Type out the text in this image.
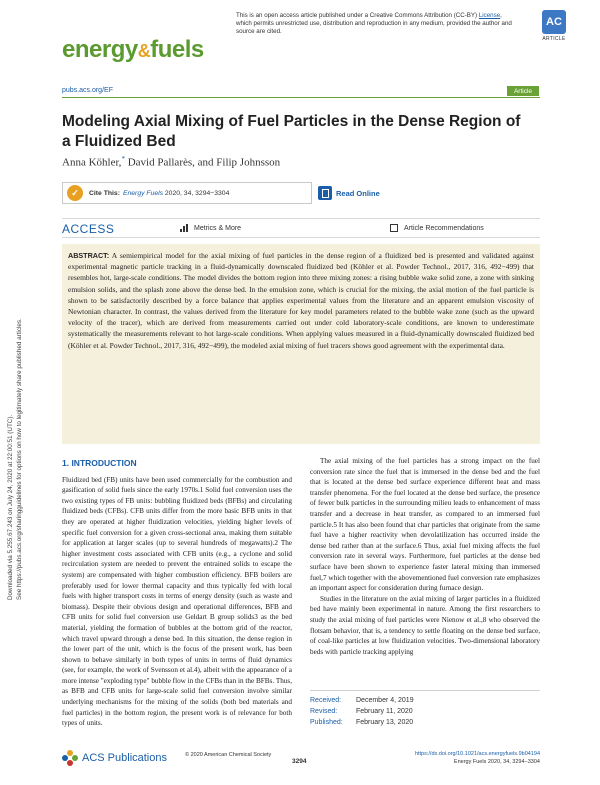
Downloaded via 5.255.67.243 on July 24, 2020 at 22:00:51 (UTC). See https://pubs.acs.org/sharingguidelines for options on how to legitimately share published articles.
This is an open access article published under a Creative Commons Attribution (CC-BY) License, which permits unrestricted use, distribution and reproduction in any medium, provided the author and source are cited.
AC
ARTICLE
energy&fuels
pubs.acs.org/EF	Article
Modeling Axial Mixing of Fuel Particles in the Dense Region of a Fluidized Bed
Anna Köhler,* David Pallarès, and Filip Johnsson
✓	Cite This: Energy Fuels
2020, 34, 3294−3304	Read Online
ACCESS	Metrics & More	Article Recommendations
ABSTRACT: A semiempirical model for the axial mixing of fuel particles in the dense region of a fluidized bed is presented and validated against experimental magnetic particle tracking in a fluid-dynamically downscaled fluidized bed (Köhler et al. Powder Technol., 2017, 316, 492−499) that resembles hot, large-scale conditions. The model divides the bottom region into three mixing zones: a rising bubble wake solid zone, a zone with sinking emulsion solids, and the splash zone above the dense bed. In the emulsion zone, which is crucial for the mixing, the axial motion of the fuel particle is shown to be satisfactorily described by a force balance that applies experimental values from the literature and an apparent emulsion viscosity of Newtonian character. In contrast, the values derived from the literature for key model parameters related to the bubble wake zone (such as the upward velocity of the tracer), which are derived from measurements carried out under cold laboratory-scale conditions, are known to underestimate systematically the measurements relevant to hot large-scale conditions. When applying values measured in a fluid-dynamically downscaled fluidized bed (Köhler et al. Powder Technol., 2017, 316, 492−499), the modeled axial mixing of fuel tracers shows good agreement with the experimental data.
1. INTRODUCTION

Fluidized bed (FB) units have been used commercially for the combustion and gasification of solid fuels since the early 1970s.1 Solid fuel conversion uses the two existing types of FB units: bubbling fluidized beds (BFBs) and circulating fluidized beds (CFBs). CFB units differ from the more basic BFB units in that they are operated at higher fluidization velocities, yielding higher levels of specific fuel conversion for a given cross-sectional area, making them suitable for application at larger scales (up to several hundreds of megawatts).2 The higher investment costs associated with CFB units (e.g., a cyclone and solid recirculation system are needed to prevent the entrained solids to escape the system) are compensated with higher combustion efficiency. BFB boilers are preferably used for lower thermal capacity and thus typically fed with local fuels with higher transport costs in terms of energy density (such as waste and biomass). Despite their obvious design and operational differences, BFB and CFB units for solid fuel conversion use Geldart B group solids3 as the bed material, yielding the formation of bubbles at the bottom grid of the reactor, which travel upward through a dense bed. In this situation, the dense region in the lower part of the unit, which is the focus of the present work, has been shown to behave similarly in both types of units in terms of fluid dynamics (see, for example, the work of Svensson et al.4), albeit with the appearance of a more intense "exploding type" bubble flow in the CFBs than in the BFBs. Thus, as BFB and CFB units for large-scale solid fuel conversion involve similar underlying mechanisms for the mixing of the solids (both bed materials and fuel particles) in the bottom region, the present work is of relevance for both types of units.

The axial mixing of the fuel particles has a strong impact on the fuel conversion rate since the fuel that is immersed in the dense bed and the fuel that is located at the dense bed surface experience different heat and mass transfer phenomena. For the fuel located at the dense bed surface, the presence of fewer bulk particles in the surrounding milieu leads to enhancement of mass transfer and a decrease in heat transfer, as compared to an immersed fuel particle.5 It has also been found that char particles that originate from the same fuel have a higher reactivity when devolatilization has occurred inside the dense bed rather than at the surface.6 Thus, axial fuel mixing affects the fuel conversion rate in several ways. Furthermore, fuel particles at the dense bed surface have been shown to experience faster lateral mixing than immersed fuel,7 which together with the abovementioned fuel conversion rate emphasizes an important aspect for consideration during furnace design.

Studies in the literature on the axial mixing of larger particles in a fluidized bed have mainly been experimental in nature. Among the first researchers to study the axial mixing of fuel particles were Nienow et al.,8 who observed the flotsam behavior, that is, a tendency to settle floating on the dense bed surface, of coal-like particles at low fluidization velocities. Two-dimensional laboratory beds with particle tracking applying

Received: December 4, 2019
Revised:	February 11, 2020
Published: February 13, 2020
ACS Publications	© 2020 American Chemical Society
3294
https://dx.doi.org/10.1021/acs.energyfuels.9b04194
Energy Fuels 2020, 34, 3294−3304
